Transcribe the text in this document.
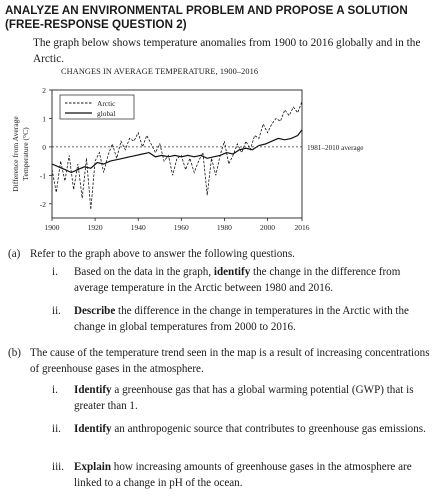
ANALYZE AN ENVIRONMENTAL PROBLEM AND PROPOSE A SOLUTION
(FREE-RESPONSE QUESTION 2)
The graph below shows temperature anomalies from 1900 to 2016 globally and in the Arctic.
CHANGES IN AVERAGE TEMPERATURE, 1900–2016
2
1
0
-1
-2
1900	1920	1940	1960	1980	2000	2016
Difference from Average Temperature (°C)	1981–2010 average
Arctic
global
(a) Refer to the graph above to answer the following questions.
i. Based on the data in the graph, identify the change in the difference from average temperature in the Arctic between 1980 and 2016.
ii. Describe the difference in the change in temperatures in the Arctic with the change in global temperatures from 2000 to 2016.
(b) The cause of the temperature trend seen in the map is a result of increasing concentrations of greenhouse gases in the atmosphere.
i. Identify a greenhouse gas that has a global warming potential (GWP) that is greater than 1.
ii. Identify an anthropogenic source that contributes to greenhouse gas emissions.
iii. Explain how increasing amounts of greenhouse gases in the atmosphere are linked to a change in pH of the ocean.
